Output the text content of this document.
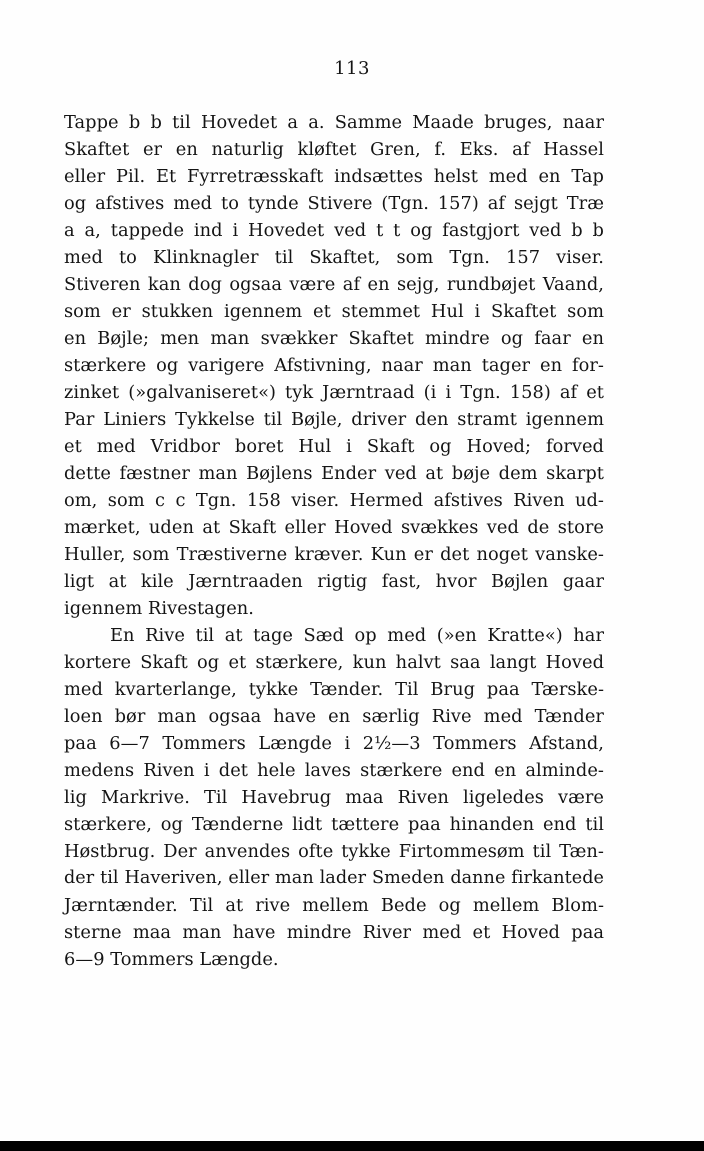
113
Tappe b b til Hovedet a a. Samme Maade bruges, naar
Skaftet er en naturlig kløftet Gren, f. Eks. af Hassel
eller Pil. Et Fyrretræsskaft indsættes helst med en Tap
og afstives med to tynde Stivere (Tgn. 157) af sejgt Træ
a a, tappede ind i Hovedet ved t t og fastgjort ved b b
med to Klinknagler til Skaftet, som Tgn. 157 viser.
Stiveren kan dog ogsaa være af en sejg, rundbøjet Vaand,
som er stukken igennem et stemmet Hul i Skaftet som
en Bøjle; men man svækker Skaftet mindre og faar en
stærkere og varigere Afstivning, naar man tager en for-
zinket (»galvaniseret«) tyk Jærntraad (i i Tgn. 158) af et
Par Liniers Tykkelse til Bøjle, driver den stramt igennem
et med Vridbor boret Hul i Skaft og Hoved; forved
dette fæstner man Bøjlens Ender ved at bøje dem skarpt
om, som c c Tgn. 158 viser. Hermed afstives Riven ud-
mærket, uden at Skaft eller Hoved svækkes ved de store
Huller, som Træstiverne kræver. Kun er det noget vanske-
ligt at kile Jærntraaden rigtig fast, hvor Bøjlen gaar
igennem Rivestagen.
En Rive til at tage Sæd op med (»en Kratte«) har
kortere Skaft og et stærkere, kun halvt saa langt Hoved
med kvarterlange, tykke Tænder. Til Brug paa Tærske-
loen bør man ogsaa have en særlig Rive med Tænder
paa 6—7 Tommers Længde i 2½—3 Tommers Afstand,
medens Riven i det hele laves stærkere end en alminde-
lig Markrive. Til Havebrug maa Riven ligeledes være
stærkere, og Tænderne lidt tættere paa hinanden end til
Høstbrug. Der anvendes ofte tykke Firtommesøm til Tæn-
der til Haveriven, eller man lader Smeden danne firkantede
Jærntænder. Til at rive mellem Bede og mellem Blom-
sterne maa man have mindre River med et Hoved paa
6—9 Tommers Længde.
